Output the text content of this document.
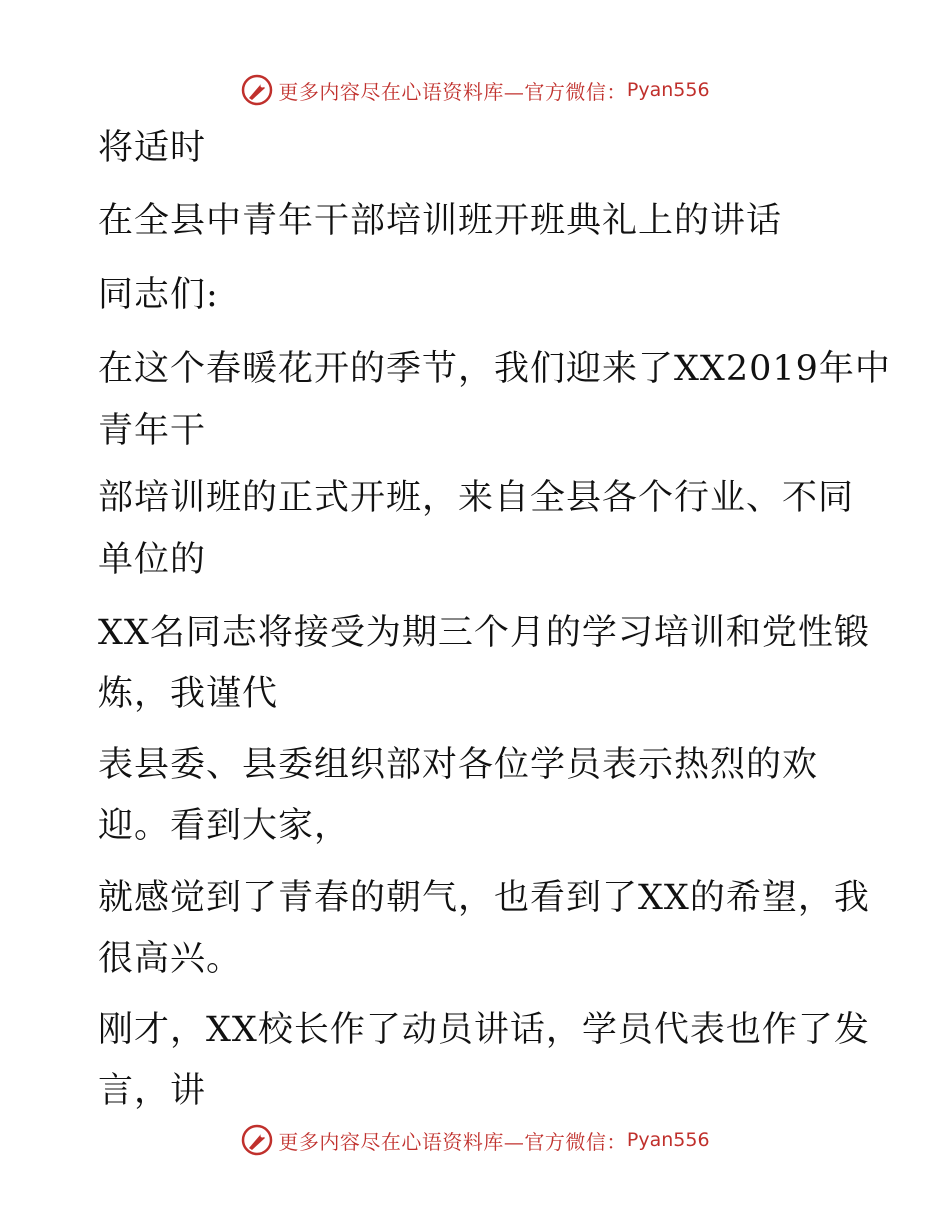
更多内容尽在心语资料库—官方微信： Pyan556
将适时
在全县中青年干部培训班开班典礼上的讲话
同志们:
在这个春暖花开的季节，我们迎来了XX2019年中
青年干
部培训班的正式开班，来自全县各个行业、不同
单位的
XX名同志将接受为期三个月的学习培训和党性锻
炼，我谨代
表县委、县委组织部对各位学员表示热烈的欢
迎。看到大家，
就感觉到了青春的朝气，也看到了XX的希望，我
很高兴。
刚才，XX校长作了动员讲话，学员代表也作了发
言，讲
更多内容尽在心语资料库—官方微信： Pyan556
